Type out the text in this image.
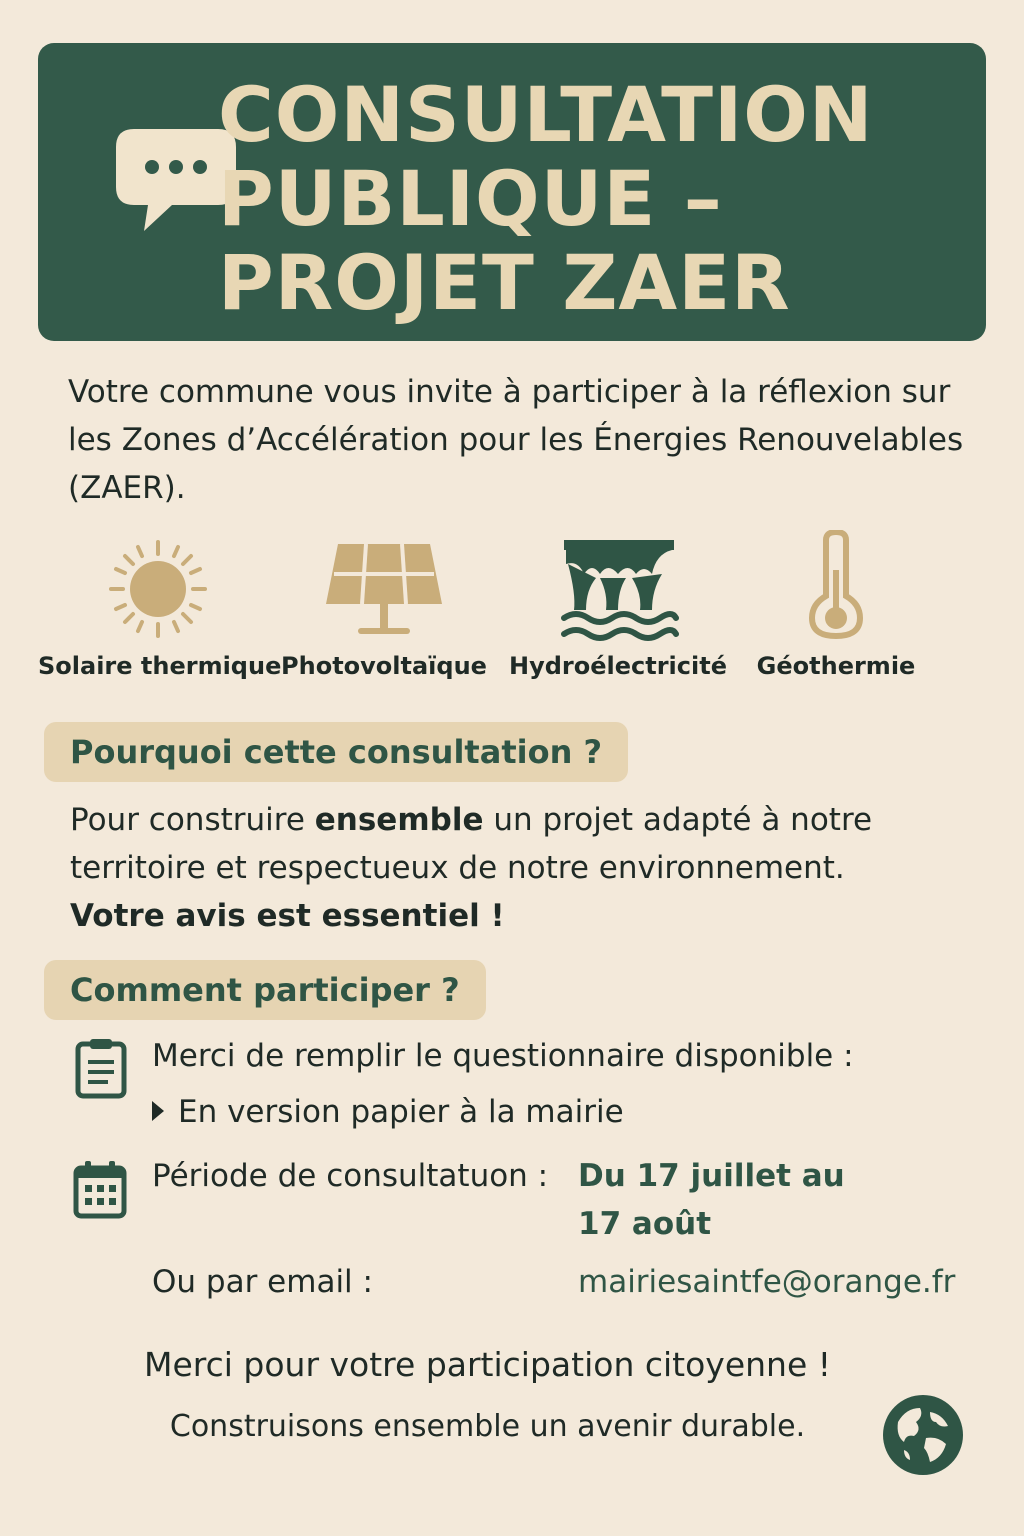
CONSULTATION PUBLIQUE – PROJET ZAER
Votre commune vous invite à participer à la réflexion sur les Zones d’Accélération pour les Énergies Renouvelables (ZAER).
Solaire thermique Photovoltaïque Hydroélectricité	Géothermie
Pourquoi cette consultation ?
Pour construire ensemble un projet adapté à notre territoire et respectueux de notre environnement.
Votre avis est essentiel !
Comment participer ?
Merci de remplir le questionnaire disponible :
En version papier à la mairie
Période de consultatuon : Du 17 juillet au
17 août
Ou par email :	mairiesaintfe@orange.fr
Merci pour votre participation citoyenne !
Construisons ensemble un avenir durable.
